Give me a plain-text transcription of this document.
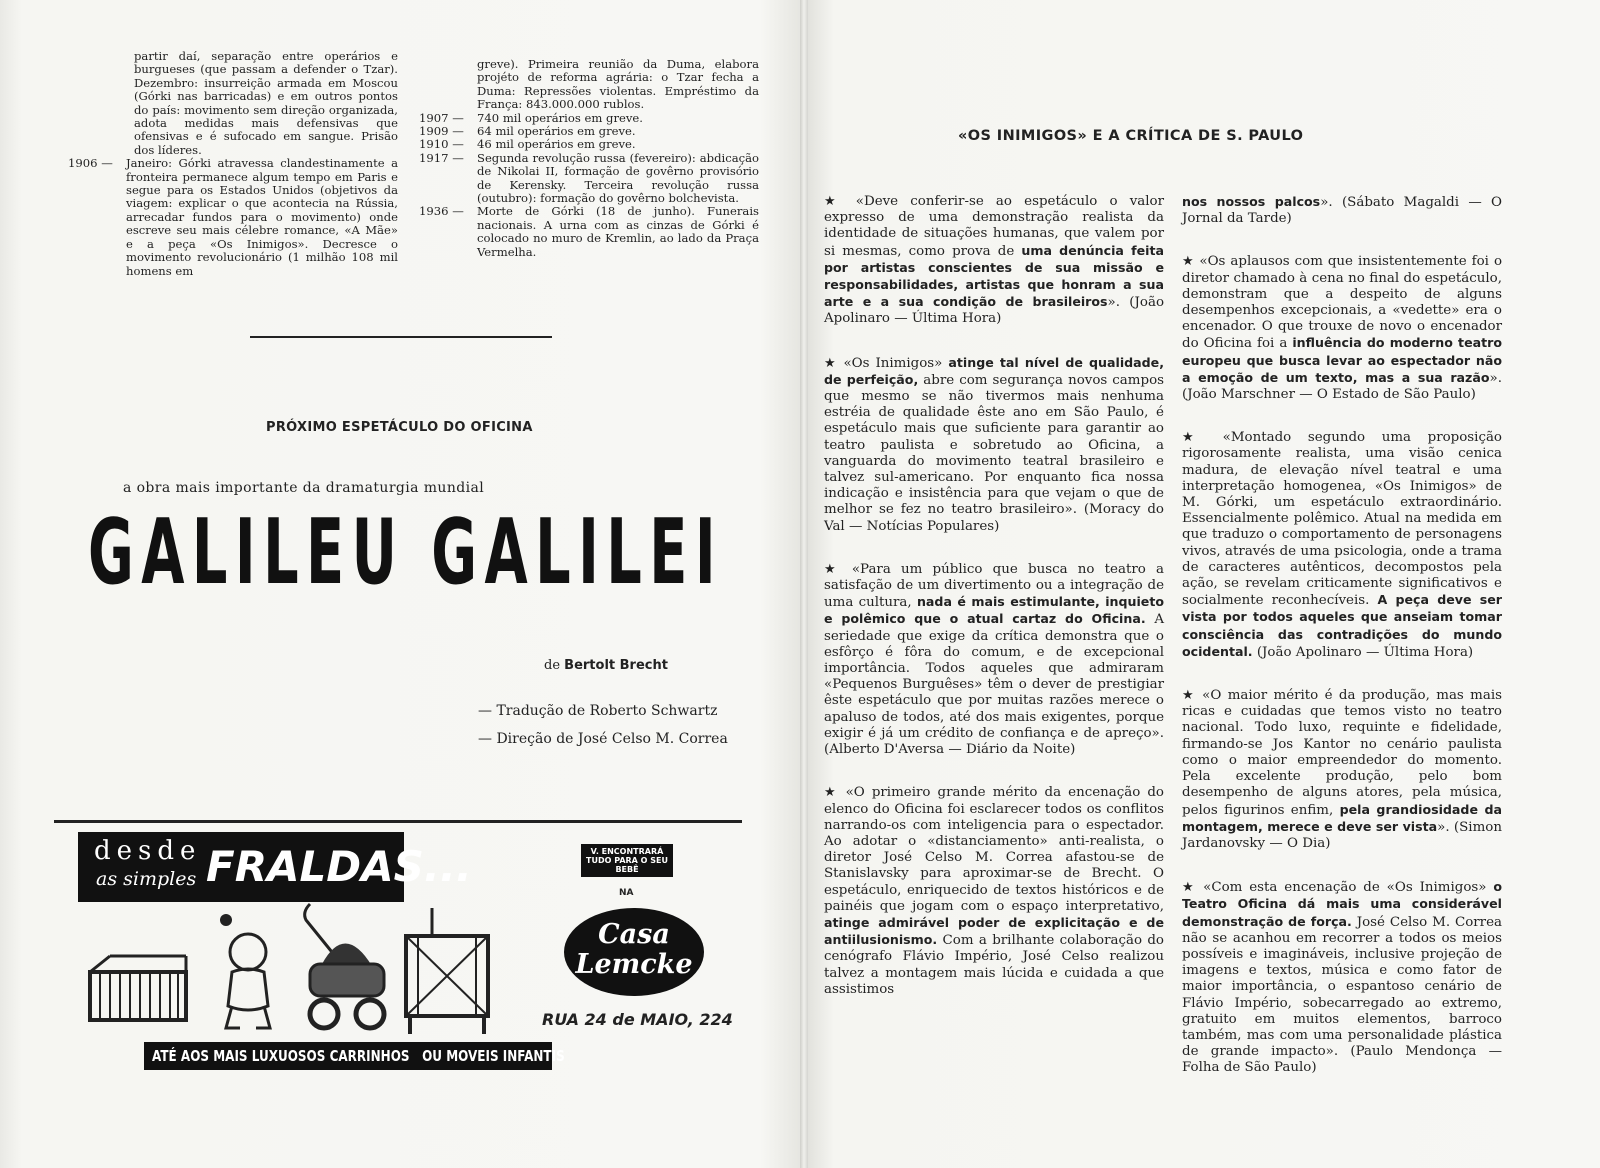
partir daí, separação entre operários e burgueses (que passam a defender o Tzar). Dezembro: insurreição armada em Moscou (Górki nas barricadas) e em outros pontos do país: movimento sem direção organizada, adota medidas mais defensivas que ofensivas e é sufocado em sangue. Prisão dos líderes.
1906 — Janeiro: Górki atravessa clandestinamente a fronteira permanece algum tempo em Paris e segue para os Estados Unidos (objetivos da viagem: explicar o que acontecia na Rússia, arrecadar fundos para o movimento) onde escreve seu mais célebre romance, «A Mãe» e a peça «Os Inimigos». Decresce o movimento revolucionário (1 milhão 108 mil homens em
greve). Primeira reunião da Duma, elabora projéto de reforma agrária: o Tzar fecha a Duma: Repressões violentas. Empréstimo da França: 843.000.000 rublos.
1907 — 740 mil operários em greve.
1909 — 64 mil operários em greve.
1910 — 46 mil operários em greve.
1917 — Segunda revolução russa (fevereiro): abdicação de Nikolai II, formação de govêrno provisório de Kerensky. Terceira revolução russa (outubro): formação do govêrno bolchevista.
1936 — Morte de Górki (18 de junho). Funerais nacionais. A urna com as cinzas de Górki é colocado no muro de Kremlin, ao lado da Praça Vermelha.
PRÓXIMO ESPETÁCULO DO OFICINA
a obra mais importante da dramaturgia mundial
GALILEU GALILEI
de Bertolt Brecht
— Tradução de Roberto Schwartz
— Direção de José Celso M. Correa
desde
as simples FRALDAS...	V. ENCONTRARÁ TUDO PARA O SEU BEBÊ
NA
Casa
Lemcke
RUA 24 de MAIO, 224
ATÉ AOS MAIS LUXUOSOS CARRINHOS   OU MOVEIS INFANTIS
«OS INIMIGOS» E A CRÍTICA DE S. PAULO

★ «Deve conferir-se ao espetáculo o valor expresso de uma demonstração realista da identidade de situações humanas, que valem por si mesmas, como prova de uma denúncia feita por artistas conscientes de sua missão e responsabilidades, artistas que honram a sua arte e a sua condição de brasileiros». (João Apolinaro — Última Hora)

★ «Os Inimigos» atinge tal nível de qualidade, de perfeição, abre com segurança novos campos que mesmo se não tivermos mais nenhuma estréia de qualidade êste ano em São Paulo, é espetáculo mais que suficiente para garantir ao teatro paulista e sobretudo ao Oficina, a vanguarda do movimento teatral brasileiro e talvez sul-americano. Por enquanto fica nossa indicação e insistência para que vejam o que de melhor se fez no teatro brasileiro». (Moracy do Val — Notícias Populares)

★ «Para um público que busca no teatro a satisfação de um divertimento ou a integração de uma cultura, nada é mais estimulante, inquieto e polêmico que o atual cartaz do Oficina. A seriedade que exige da crítica demonstra que o esfôrço é fôra do comum, e de excepcional importância. Todos aqueles que admiraram «Pequenos Burguêses» têm o dever de prestigiar êste espetáculo que por muitas razões merece o apaluso de todos, até dos mais exigentes, porque exigir é já um crédito de confiança e de apreço». (Alberto D'Aversa — Diário da Noite)

★ «O primeiro grande mérito da encenação do elenco do Oficina foi esclarecer todos os conflitos narrando-os com inteligencia para o espectador. Ao adotar o «distanciamento» anti-realista, o diretor José Celso M. Correa afastou-se de Stanislavsky para aproximar-se de Brecht. O espetáculo, enriquecido de textos históricos e de painéis que jogam com o espaço interpretativo, atinge admirável poder de explicitação e de antiilusionismo. Com a brilhante colaboração do cenógrafo Flávio Império, José Celso realizou talvez a montagem mais lúcida e cuidada a que assistimos

nos nossos palcos». (Sábato Magaldi — O Jornal da Tarde)

★ «Os aplausos com que insistentemente foi o diretor chamado à cena no final do espetáculo, demonstram que a despeito de alguns desempenhos excepcionais, a «vedette» era o encenador. O que trouxe de novo o encenador do Oficina foi a influência do moderno teatro europeu que busca levar ao espectador não a emoção de um texto, mas a sua razão». (João Marschner — O Estado de São Paulo)

★ «Montado segundo uma proposição rigorosamente realista, uma visão cenica madura, de elevação nível teatral e uma interpretação homogenea, «Os Inimigos» de M. Górki, um espetáculo extraordinário. Essencialmente polêmico. Atual na medida em que traduzo o comportamento de personagens vivos, através de uma psicologia, onde a trama de caracteres autênticos, decompostos pela ação, se revelam criticamente significativos e socialmente reconhecíveis. A peça deve ser vista por todos aqueles que anseiam tomar consciência das contradições do mundo ocidental. (João Apolinaro — Última Hora)

★ «O maior mérito é da produção, mas mais ricas e cuidadas que temos visto no teatro nacional. Todo luxo, requinte e fidelidade, firmando-se Jos Kantor no cenário paulista como o maior empreendedor do momento. Pela excelente produção, pelo bom desempenho de alguns atores, pela música, pelos figurinos enfim, pela grandiosidade da montagem, merece e deve ser vista». (Simon Jardanovsky — O Dia)

★ «Com esta encenação de «Os Inimigos» o Teatro Oficina dá mais uma considerável demonstração de força. José Celso M. Correa não se acanhou em recorrer a todos os meios possíveis e imagináveis, inclusive projeção de imagens e textos, música e como fator de maior importância, o espantoso cenário de Flávio Império, sobecarregado ao extremo, gratuito em muitos elementos, barroco também, mas com uma personalidade plástica de grande impacto». (Paulo Mendonça — Folha de São Paulo)
